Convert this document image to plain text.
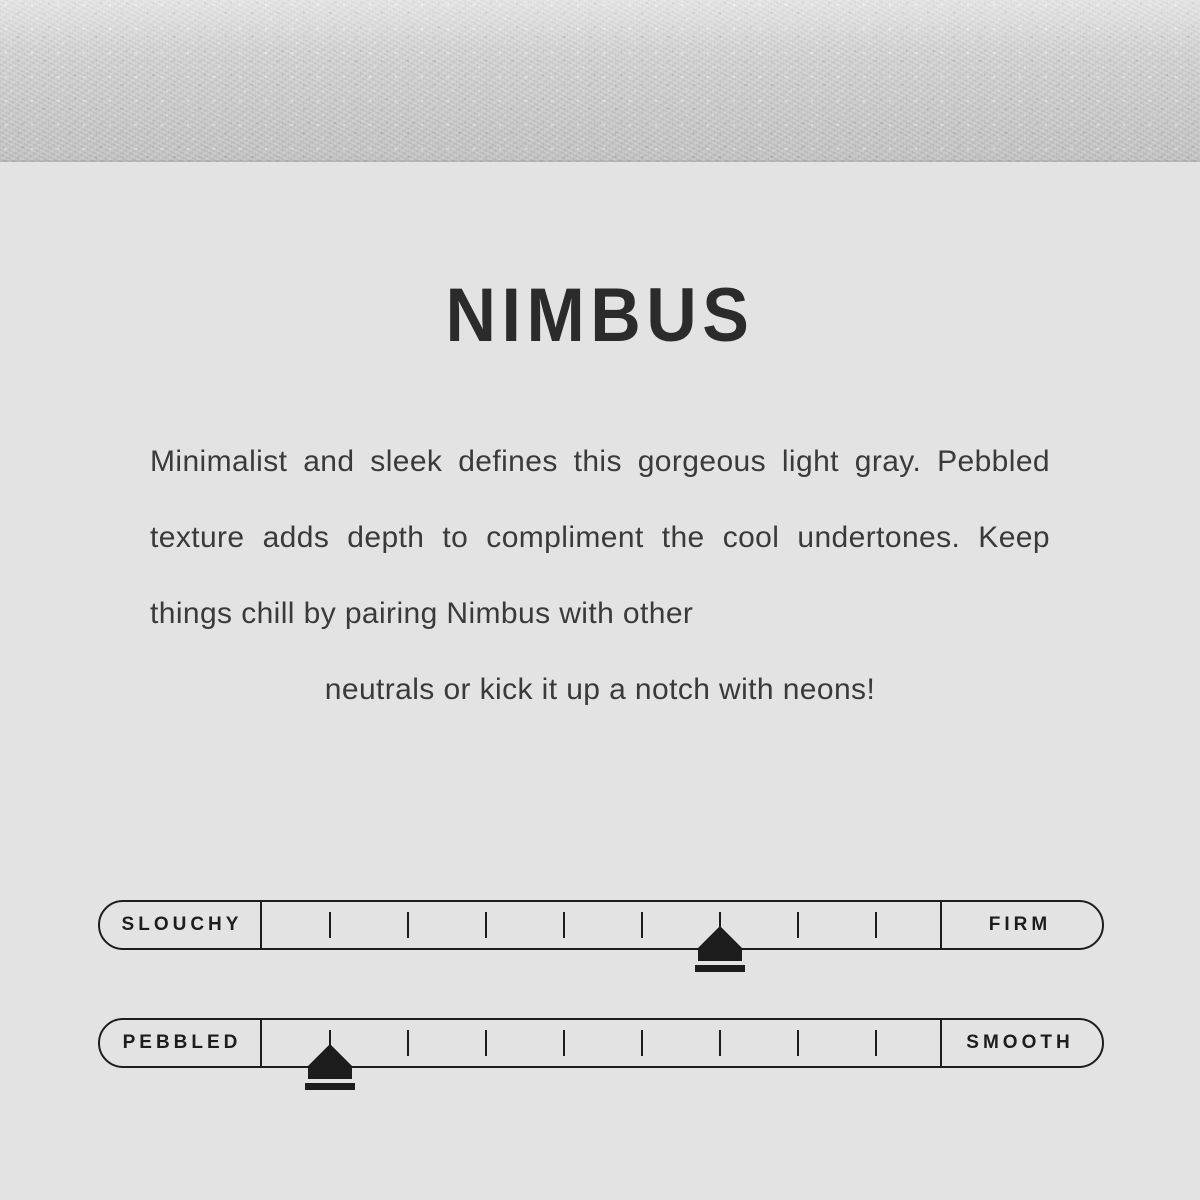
NIMBUS
Minimalist and sleek defines this gorgeous light gray. Pebbled texture adds depth to compliment the cool undertones. Keep things chill by pairing Nimbus with other
neutrals or kick it up a notch with neons!
SLOUCHY	FIRM
PEBBLED	SMOOTH
